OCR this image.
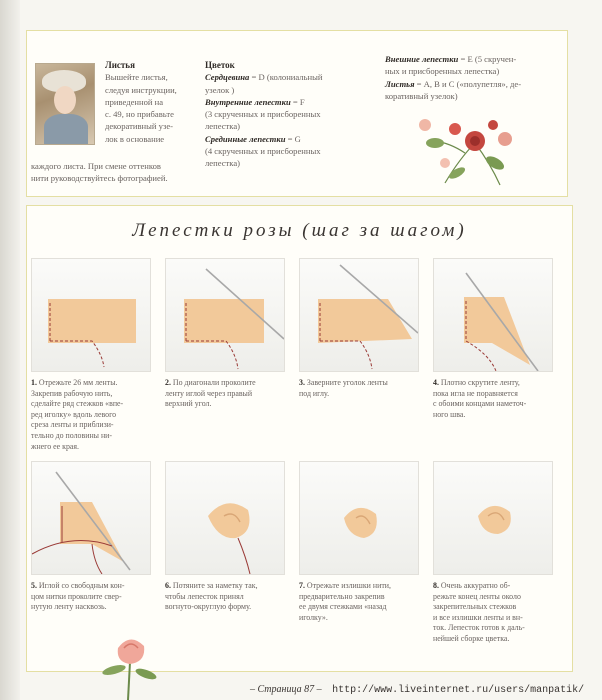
Листья
Вышейте листья,
следуя инструкции,
приведенной на
с. 49, но прибавьте
декоративный узе-
лок в основание
каждого листа. При смене оттенков
нити руководствуйтесь фотографией.
Цветок
Сердцевина = D (колониальный
узелок )
Внутренние лепестки = F
(3 скрученных и присборенных
лепестка)
Срединные лепестки = G
(4 скрученных и присборенных
лепестка)
Внешние лепестки = Е (5 скручен-
ных и присборенных лепестка)
Листья = А, В и С («полупетля», де-
коративный узелок)
Лепестки розы (шаг за шагом)
1. Отрежьте 26 мм ленты.
Закрепив рабочую нить,
сделайте ряд стежков «впе-
ред иголку» вдоль левого
среза ленты и приблизи-
тельно до половины ни-
жнего ее края.
2. По диагонали проколите
ленту иглой через правый
верхний угол.
3. Заверните уголок ленты
под иглу.
4. Плотно скрутите ленту,
пока игла не поравняется
с обоими концами наметоч-
ного шва.
5. Иглой со свободным кон-
цом нитки проколите свер-
нутую ленту насквозь.
6. Потяните за наметку так,
чтобы лепесток принял
вогнуто-округлую форму.
7. Отрежьте излишки нити,
предварительно закрепив
ее двумя стежками «назад
иголку».
8. Очень аккуратно об-
режьте конец ленты около
закрепительных стежков
и все излишки ленты и вн-
ток. Лепесток готов к даль-
нейшей сборке цветка.
– Страница 87 – http://www.liveinternet.ru/users/manpatik/
